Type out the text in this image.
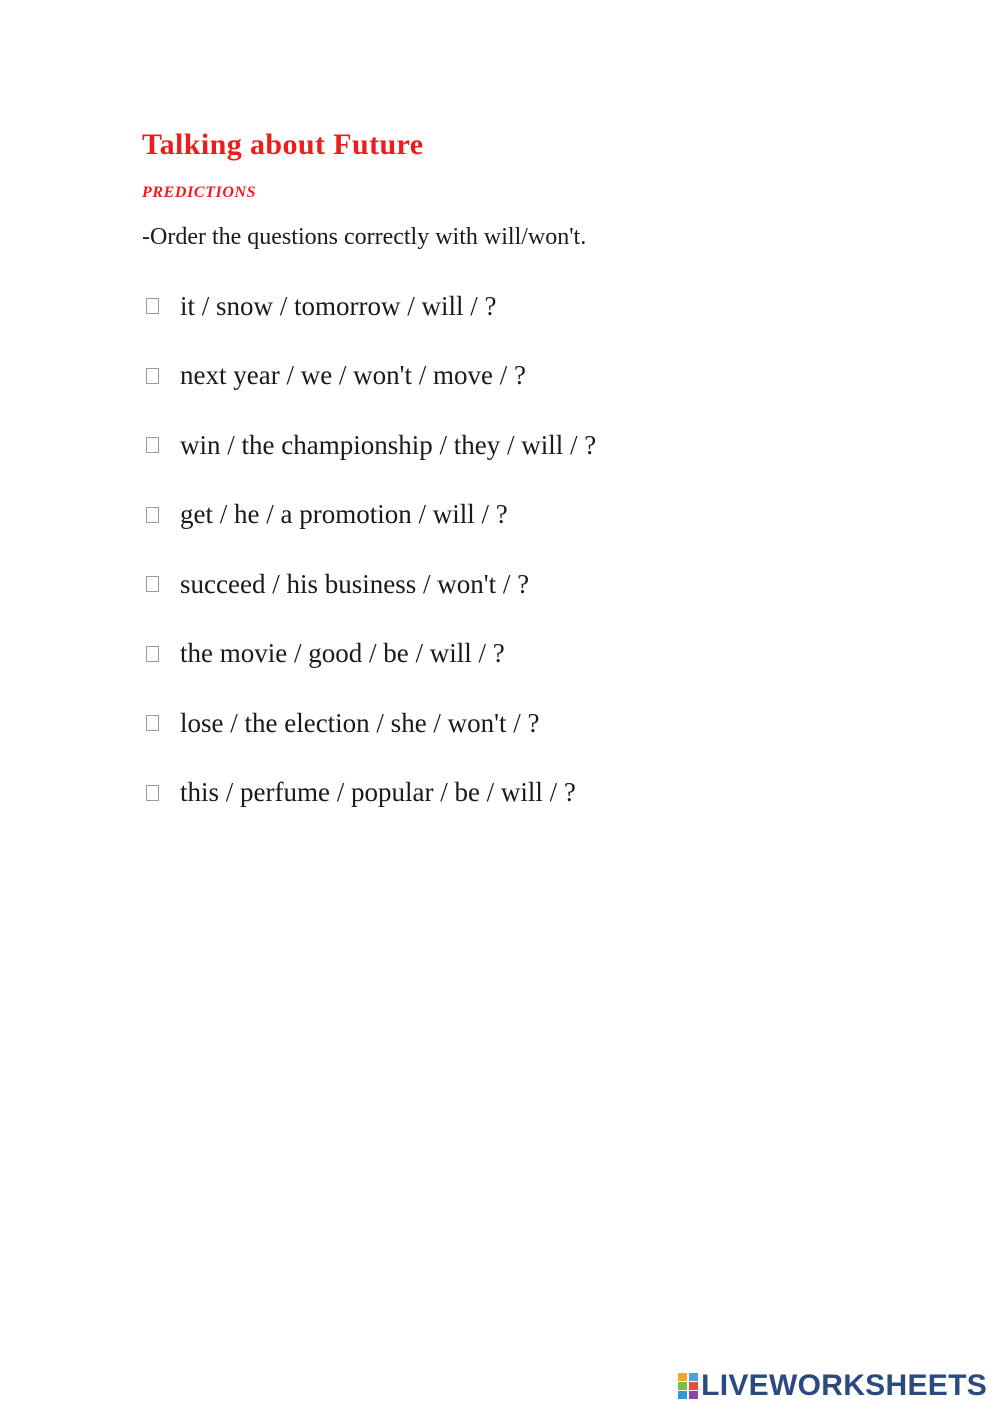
Talking about Future
PREDICTIONS
-Order the questions correctly with will/won't.
it / snow / tomorrow / will / ?
next year / we / won't / move / ?
win / the championship / they / will / ?
get / he / a promotion / will / ?
succeed / his business / won't / ?
the movie / good / be / will / ?
lose / the election / she / won't / ?
this / perfume / popular / be / will / ?
LIVEWORKSHEETS
